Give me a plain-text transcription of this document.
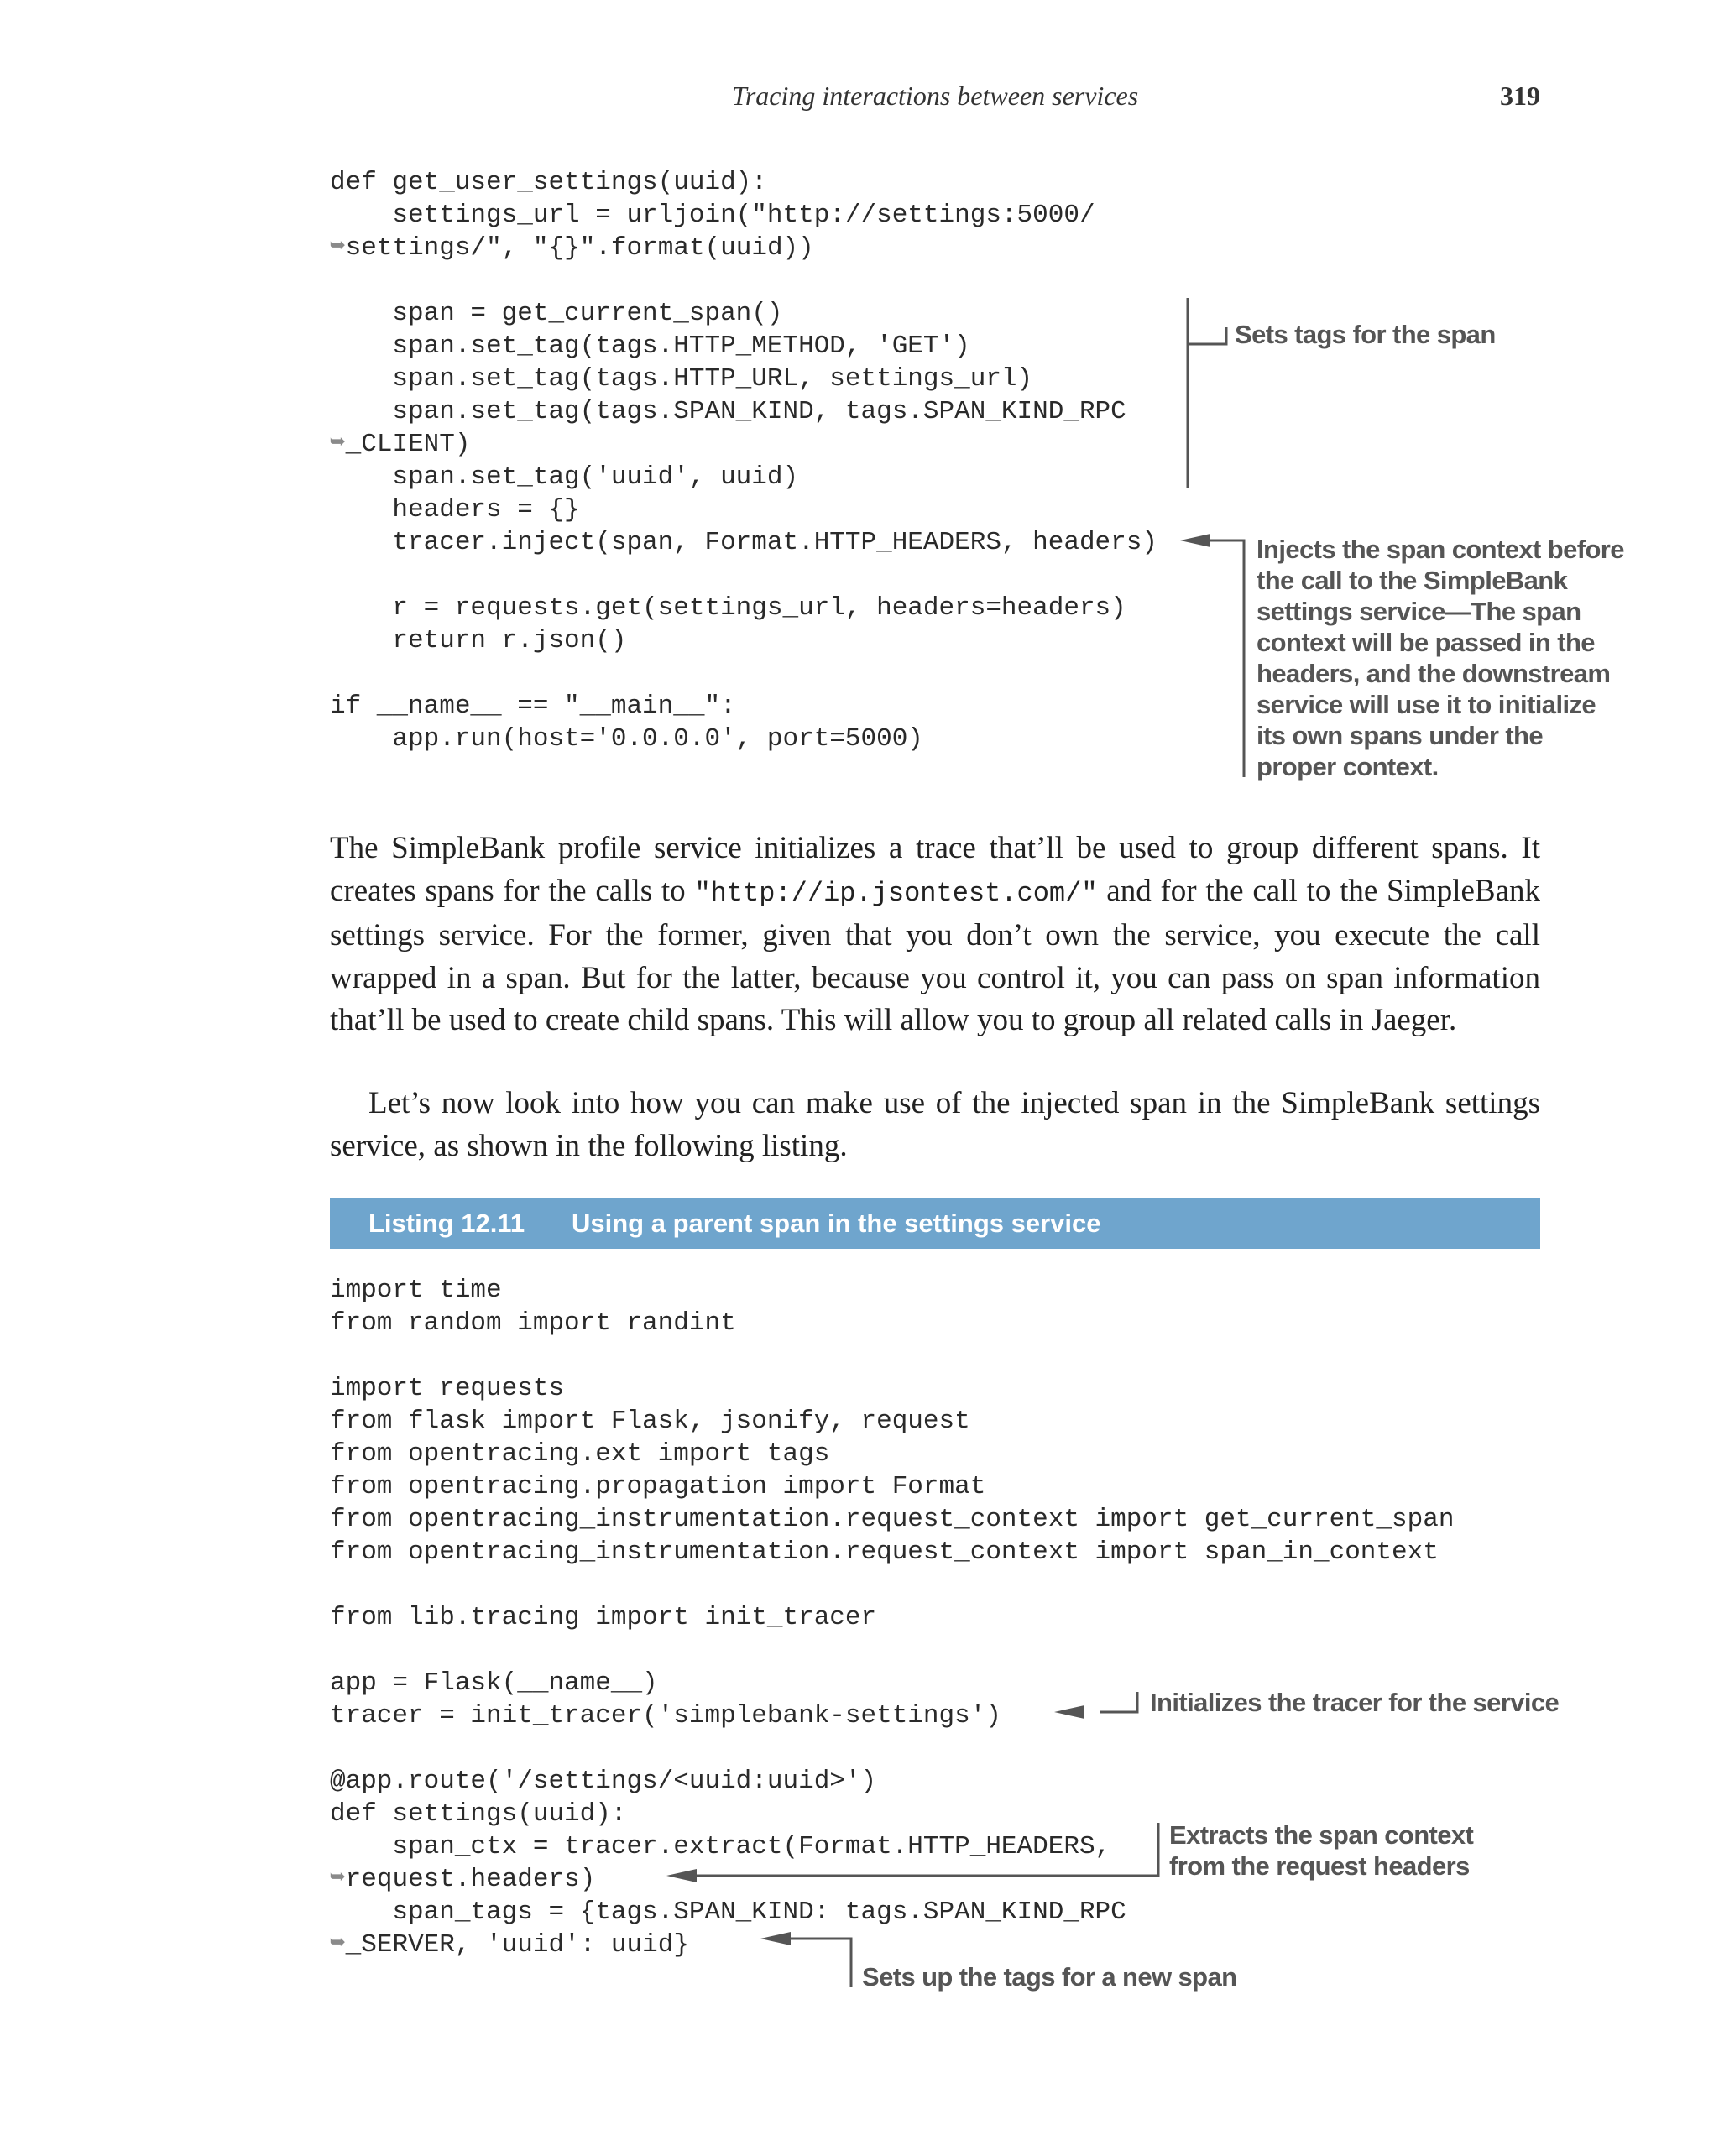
Tracing interactions between services	319
def get_user_settings(uuid):
settings_url = urljoin("http://settings:5000/
➥settings/", "{}".format(uuid))

span = get_current_span()
span.set_tag(tags.HTTP_METHOD, 'GET')
span.set_tag(tags.HTTP_URL, settings_url)
span.set_tag(tags.SPAN_KIND, tags.SPAN_KIND_RPC
➥_CLIENT)
span.set_tag('uuid', uuid)
headers = {}
tracer.inject(span, Format.HTTP_HEADERS, headers)

r = requests.get(settings_url, headers=headers)
return r.json()

if __name__ == "__main__":
app.run(host='0.0.0.0', port=5000)
Sets tags for the span
Injects the span context before
the call to the SimpleBank
settings service—The span
context will be passed in the
headers, and the downstream
service will use it to initialize
its own spans under the
proper context.

The SimpleBank profile service initializes a trace that’ll be used to group different spans. It creates spans for the calls to "http://ip.jsontest.com/" and for the call to the SimpleBank settings service. For the former, given that you don’t own the service, you execute the call wrapped in a span. But for the latter, because you control it, you can pass on span information that’ll be used to create child spans. This will allow you to group all related calls in Jaeger.

Let’s now look into how you can make use of the injected span in the SimpleBank settings service, as shown in the following listing.

Listing 12.11 Using a parent span in the settings service
import time
from random import randint

import requests
from flask import Flask, jsonify, request
from opentracing.ext import tags
from opentracing.propagation import Format
from opentracing_instrumentation.request_context import get_current_span
from opentracing_instrumentation.request_context import span_in_context

from lib.tracing import init_tracer

app = Flask(__name__)
tracer = init_tracer('simplebank-settings')

@app.route('/settings/<uuid:uuid>')
def settings(uuid):
span_ctx = tracer.extract(Format.HTTP_HEADERS,
➥request.headers)
span_tags = {tags.SPAN_KIND: tags.SPAN_KIND_RPC
➥_SERVER, 'uuid': uuid}
Initializes the tracer for the service
Extracts the span context
from the request headers
Sets up the tags for a new span
